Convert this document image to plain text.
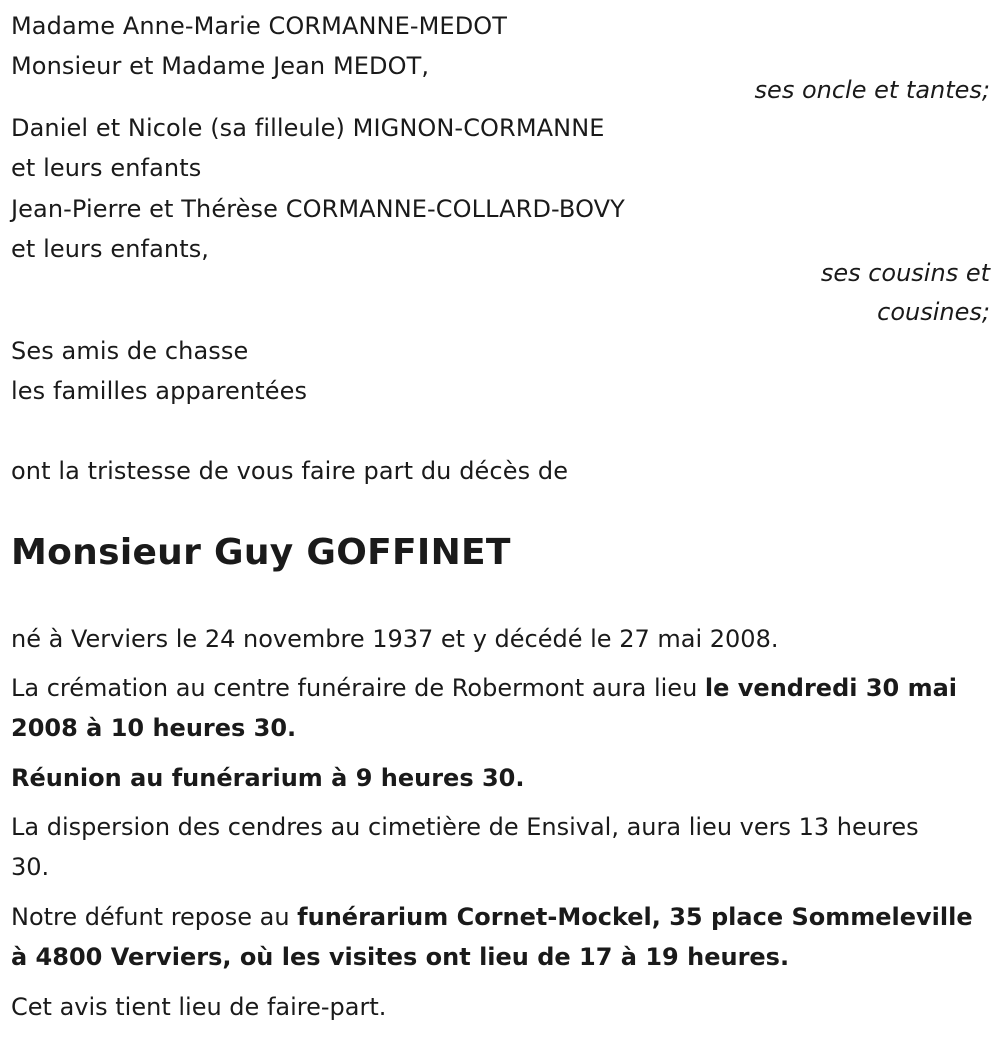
Madame Anne-Marie CORMANNE-MEDOT
Monsieur et Madame Jean MEDOT,
ses oncle et tantes;
Daniel et Nicole (sa filleule) MIGNON-CORMANNE
et leurs enfants
Jean-Pierre et Thérèse CORMANNE-COLLARD-BOVY
et leurs enfants,
ses cousins et
cousines;
Ses amis de chasse
les familles apparentées
ont la tristesse de vous faire part du décès de
Monsieur Guy GOFFINET
né à Verviers le 24 novembre 1937 et y décédé le 27 mai 2008.
La crémation au centre funéraire de Robermont aura lieu le vendredi 30 mai 2008 à 10 heures 30.
Réunion au funérarium à 9 heures 30.
La dispersion des cendres au cimetière de Ensival, aura lieu vers 13 heures 30.
Notre défunt repose au funérarium Cornet-Mockel, 35 place Sommeleville à 4800 Verviers, où les visites ont lieu de 17 à 19 heures.
Cet avis tient lieu de faire-part.
